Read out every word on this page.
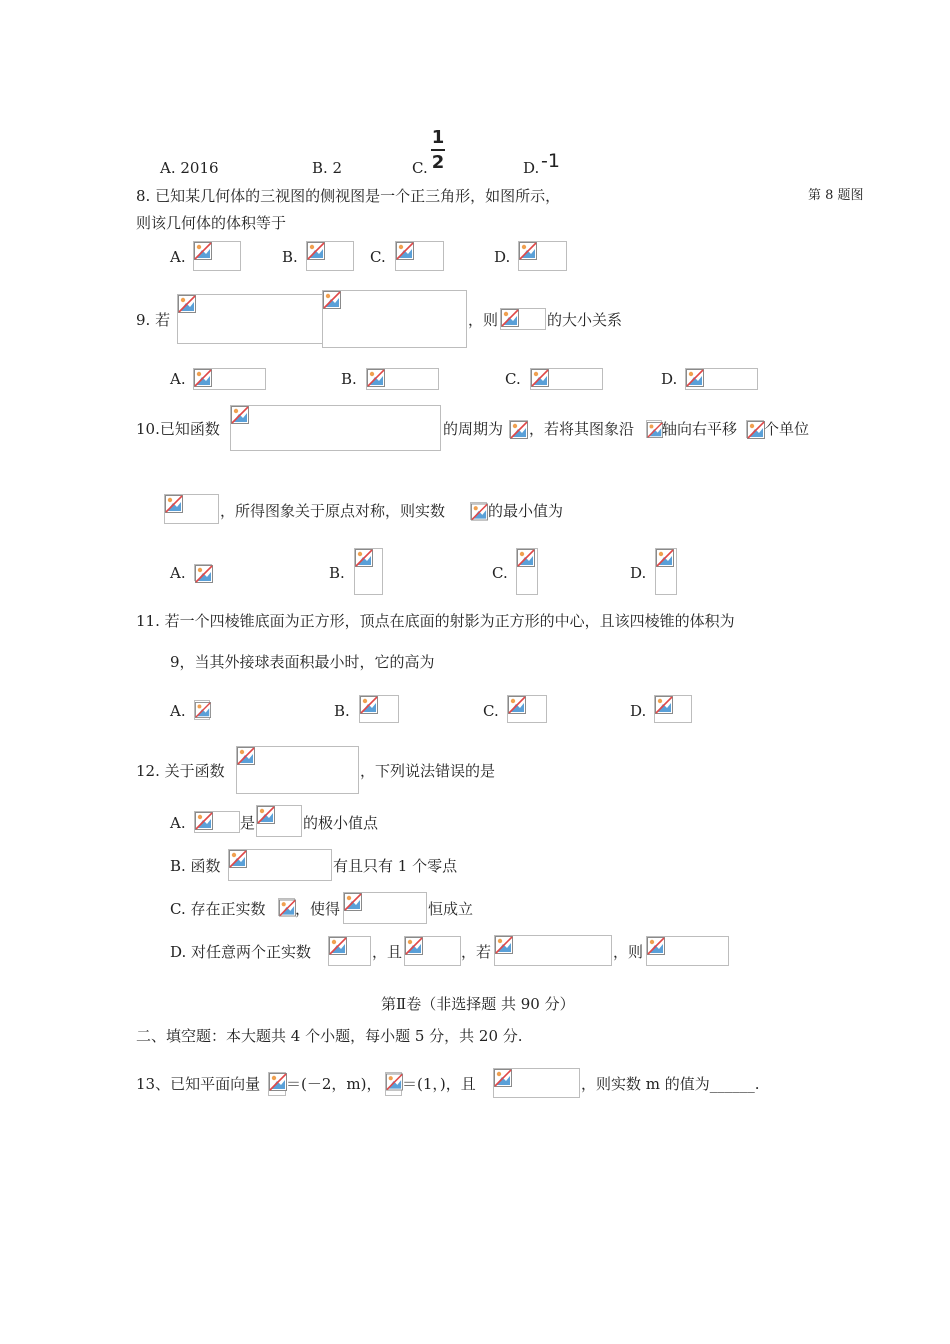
A. 2016	B. 2	C.
1
2	D. -1
8. 已知某几何体的三视图的侧视图是一个正三角形，如图所示，	第 8 题图
则该几何体的体积等于
A.	B.	C.	D.
9. 若	，则	的大小关系
A.	B.	C.	D.
10.已知函数	的周期为 ，若将其图象沿 轴向右平移 个单位
，所得图象关于原点对称，则实数	的最小值为
A.	B.	C.	D.
11. 若一个四棱锥底面为正方形，顶点在底面的射影为正方形的中心，且该四棱锥的体积为
9，当其外接球表面积最小时，它的高为
A.	B.	C.	D.
12. 关于函数	，下列说法错误的是
A.	是	的极小值点
B. 函数	有且只有 1 个零点
C. 存在正实数 ，使得	恒成立
D. 对任意两个正实数	，且	，若	，则
第Ⅱ卷（非选择题 共 90 分）
二、填空题：本大题共 4 个小题，每小题 5 分，共 20 分.
13、已知平面向量 ＝(－2，m)， ＝(1，)，且	，则实数 m 的值为______.
